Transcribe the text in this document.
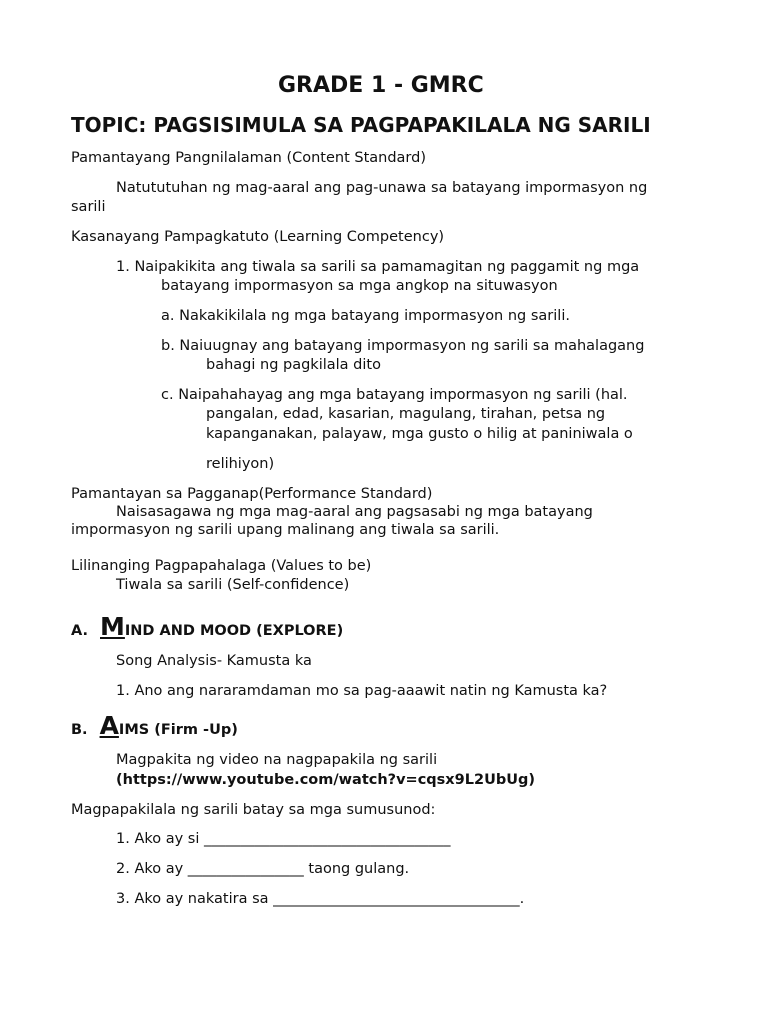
GRADE 1 - GMRC
TOPIC: PAGSISIMULA SA PAGPAPAKILALA NG SARILI
Pamantayang Pangnilalaman (Content Standard)
Natututuhan ng mag-aaral ang pag-unawa sa batayang impormasyon ng
sarili
Kasanayang Pampagkatuto (Learning Competency)
1. Naipakikita ang tiwala sa sarili sa pamamagitan ng paggamit ng mga
batayang impormasyon sa mga angkop na situwasyon
a. Nakakikilala ng mga batayang impormasyon ng sarili.
b. Naiuugnay ang batayang impormasyon ng sarili sa mahalagang
bahagi ng pagkilala dito
c. Naipahahayag ang mga batayang impormasyon ng sarili (hal.
pangalan, edad, kasarian, magulang, tirahan, petsa ng
kapanganakan, palayaw, mga gusto o hilig at paniniwala o
relihiyon)
Pamantayan sa Pagganap(Performance Standard)
Naisasagawa ng mga mag-aaral ang pagsasabi ng mga batayang
impormasyon ng sarili upang malinang ang tiwala sa sarili.
Lilinanging Pagpapahalaga (Values to be)
Tiwala sa sarili (Self-confidence)
A. MIND AND MOOD (EXPLORE)
Song Analysis- Kamusta ka
1. Ano ang nararamdaman mo sa pag-aaawit natin ng Kamusta ka?
B. AIMS (Firm -Up)
Magpakita ng video na nagpapakila ng sarili
(https://www.youtube.com/watch?v=cqsx9L2UbUg)
Magpapakilala ng sarili batay sa mga sumusunod:
1. Ako ay si __________________________________
2. Ako ay ________________ taong gulang.
3. Ako ay nakatira sa __________________________________.
